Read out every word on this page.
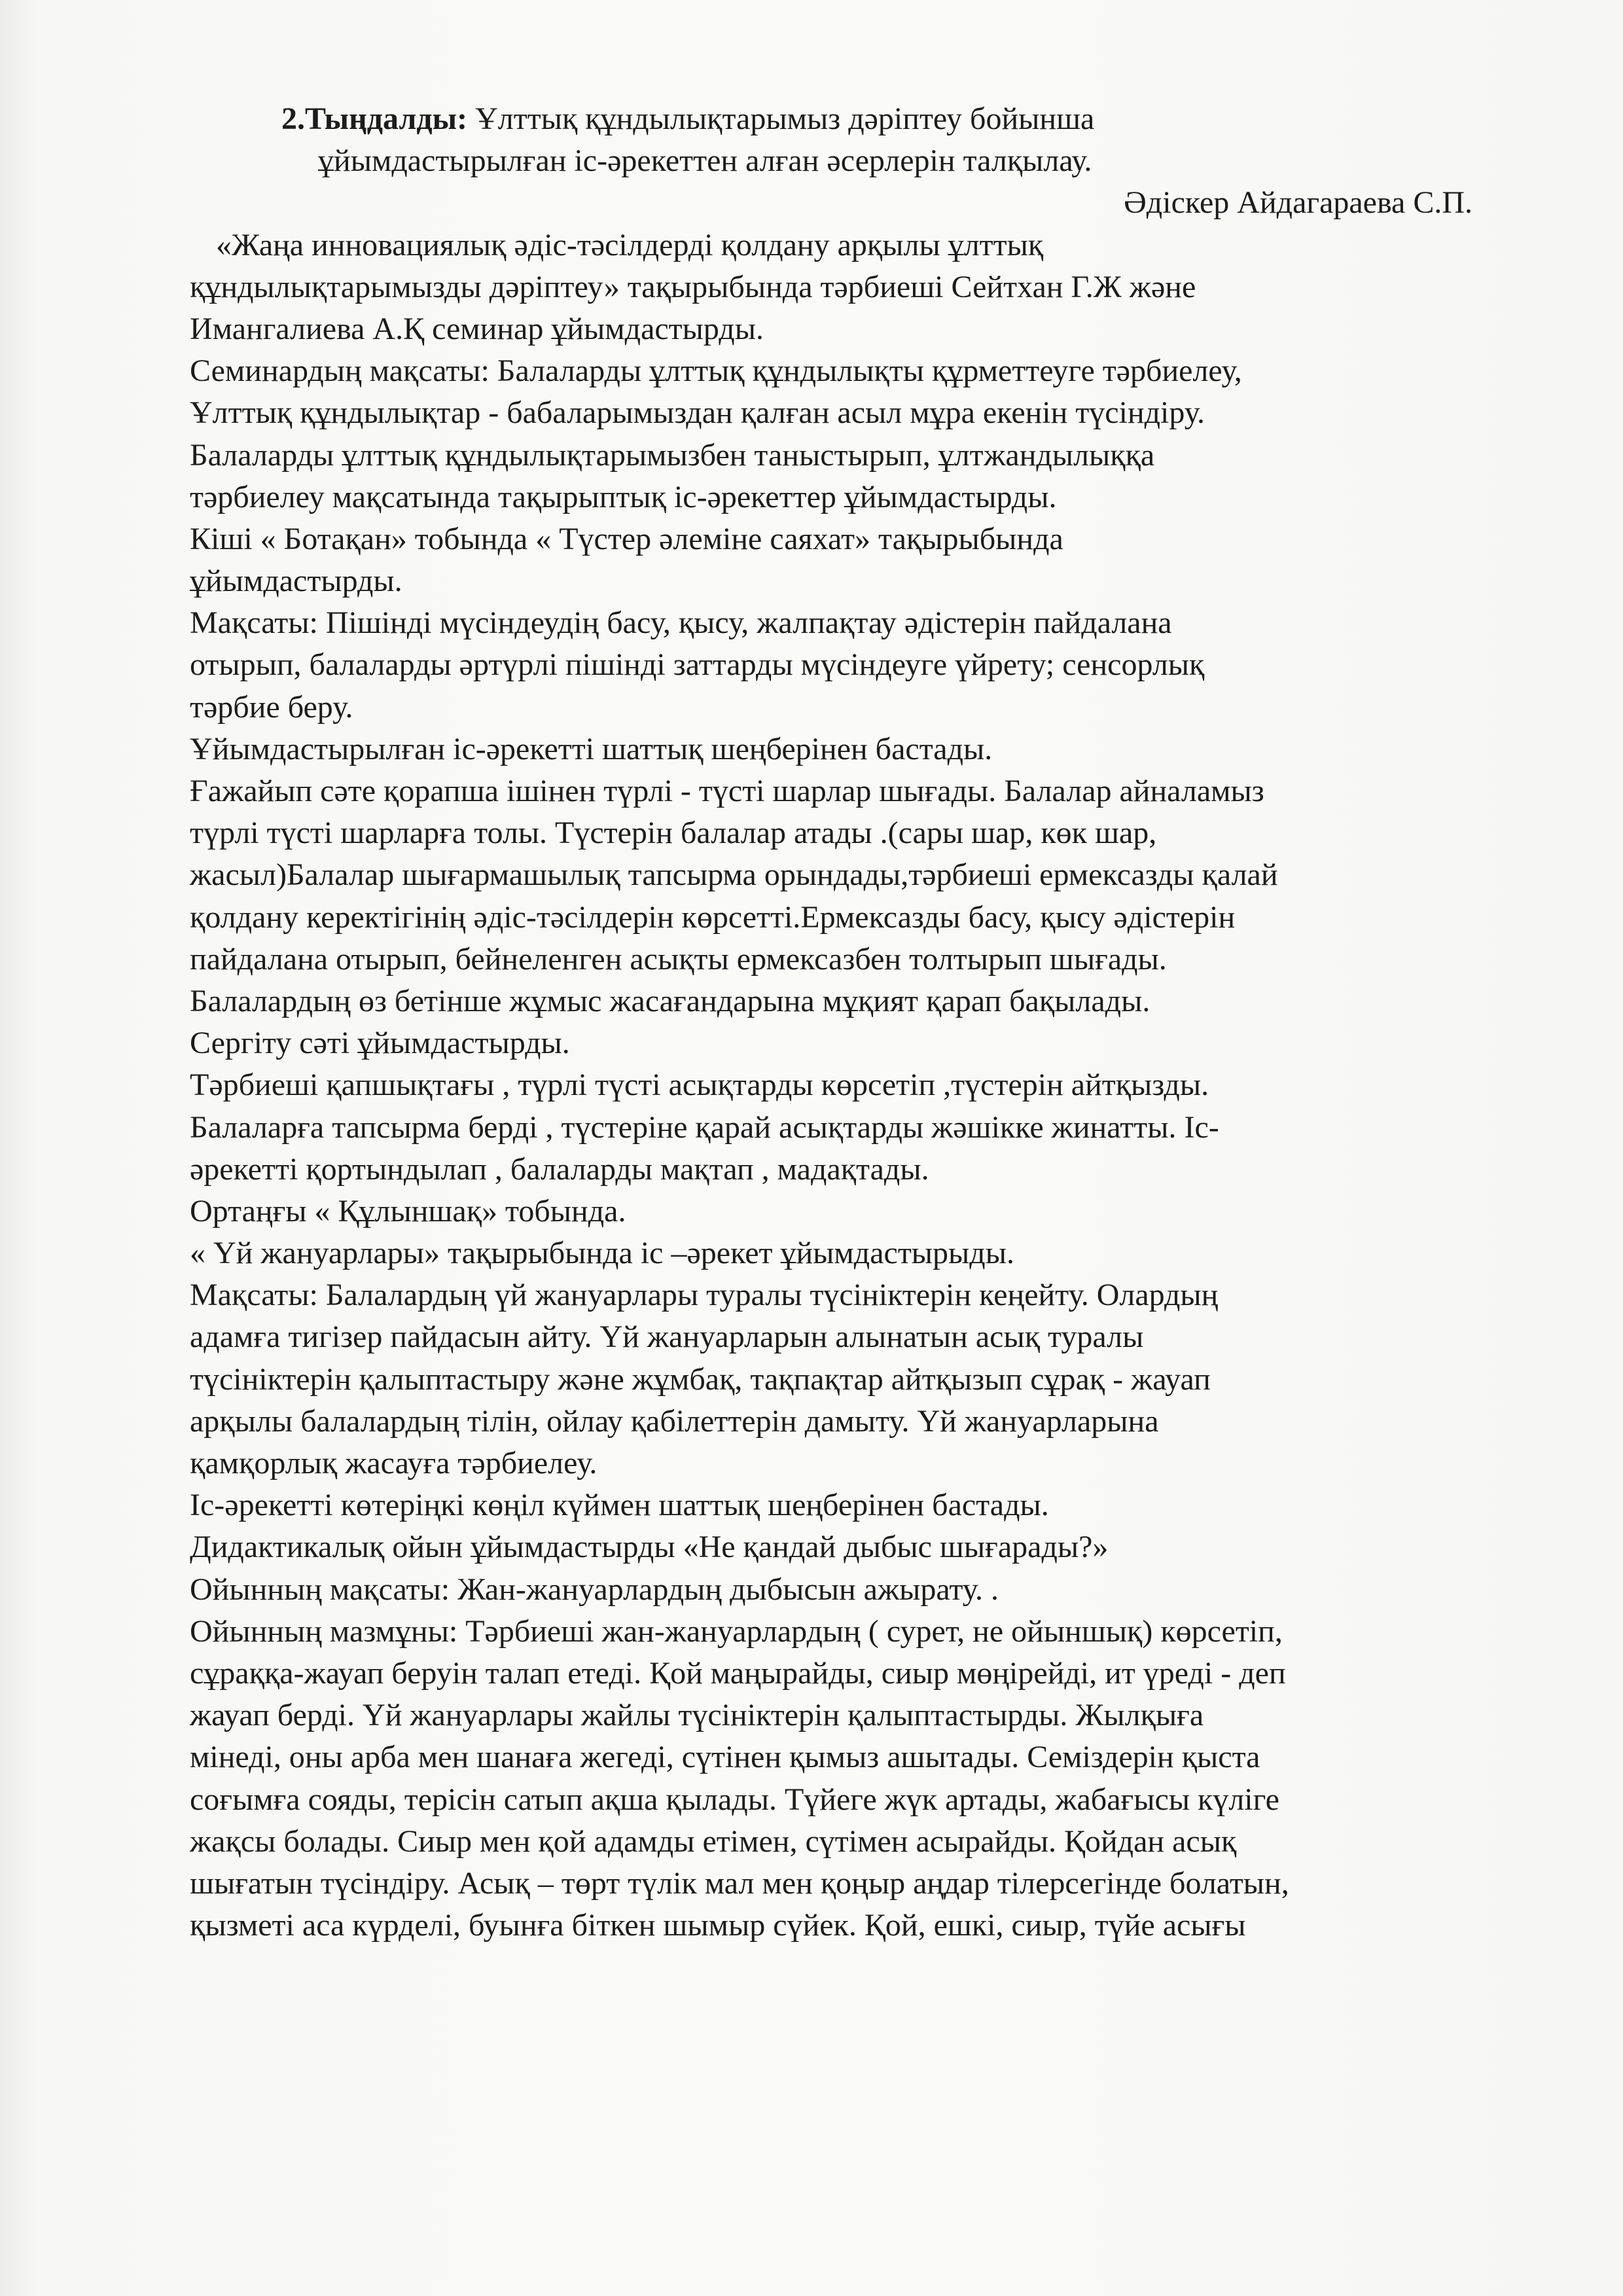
2.Тыңдалды: Ұлттық құндылықтарымыз дәріптеу бойынша
ұйымдастырылған іс-әрекеттен алған әсерлерін талқылау.
Әдіскер Айдагараева С.П.
«Жаңа инновациялық әдіс-тәсілдерді қолдану арқылы ұлттық
құндылықтарымызды дәріптеу» тақырыбында тәрбиеші Сейтхан Г.Ж және
Имангалиева А.Қ семинар ұйымдастырды.
Семинардың мақсаты: Балаларды ұлттық құндылықты құрметтеуге тәрбиелеу,
Ұлттық құндылықтар - бабаларымыздан қалған асыл мұра екенін түсіндіру.
Балаларды ұлттық құндылықтарымызбен таныстырып, ұлтжандылыққа
тәрбиелеу мақсатында тақырыптық іс-әрекеттер ұйымдастырды.
Кіші « Ботақан» тобында « Түстер әлеміне саяхат» тақырыбында
ұйымдастырды.
Мақсаты: Пішінді мүсіндеудің басу, қысу, жалпақтау әдістерін пайдалана
отырып, балаларды әртүрлі пішінді заттарды мүсіндеуге үйрету; сенсорлық
тәрбие беру.
Ұйымдастырылған іс-әрекетті шаттық шеңберінен бастады.
Ғажайып сәте қорапша ішінен түрлі - түсті шарлар шығады. Балалар айналамыз
түрлі түсті шарларға толы. Түстерін балалар атады .(сары шар, көк шар,
жасыл)Балалар шығармашылық тапсырма орындады,тәрбиеші ермексазды қалай
қолдану керектігінің әдіс-тәсілдерін көрсетті.Ермексазды басу, қысу әдістерін
пайдалана отырып, бейнеленген асықты ермексазбен толтырып шығады.
Балалардың өз бетінше жұмыс жасағандарына мұқият қарап бақылады.
Сергіту сәті ұйымдастырды.
Тәрбиеші қапшықтағы , түрлі түсті асықтарды көрсетіп ,түстерін айтқызды.
Балаларға тапсырма берді , түстеріне қарай асықтарды жәшікке жинатты. Іс-
әрекетті қортындылап , балаларды мақтап , мадақтады.
Ортаңғы « Құлыншақ» тобында.
« Үй жануарлары» тақырыбында іс –әрекет ұйымдастырыды.
Мақсаты: Балалардың үй жануарлары туралы түсініктерін кеңейту. Олардың
адамға тигізер пайдасын айту. Үй жануарларын алынатын асық туралы
түсініктерін қалыптастыру және жұмбақ, тақпақтар айтқызып сұрақ - жауап
арқылы балалардың тілін, ойлау қабілеттерін дамыту. Үй жануарларына
қамқорлық жасауға тәрбиелеу.
Іс-әрекетті көтеріңкі көңіл күймен шаттық шеңберінен бастады.
Дидактикалық ойын ұйымдастырды «Не қандай дыбыс шығарады?»
Ойынның мақсаты: Жан-жануарлардың дыбысын ажырату. .
Ойынның мазмұны: Тәрбиеші жан-жануарлардың ( сурет, не ойыншық) көрсетіп,
сұраққа-жауап беруін талап етеді. Қой маңырайды, сиыр мөңірейді, ит үреді - деп
жауап берді. Үй жануарлары жайлы түсініктерін қалыптастырды. Жылқыға
мінеді, оны арба мен шанаға жегеді, сүтінен қымыз ашытады. Семіздерін қыста
соғымға сояды, терісін сатып ақша қылады. Түйеге жүк артады, жабағысы күліге
жақсы болады. Сиыр мен қой адамды етімен, сүтімен асырайды. Қойдан асық
шығатын түсіндіру. Асық – төрт түлік мал мен қоңыр аңдар тілерсегінде болатын,
қызметі аса күрделі, буынға біткен шымыр сүйек. Қой, ешкі, сиыр, түйе асығы
